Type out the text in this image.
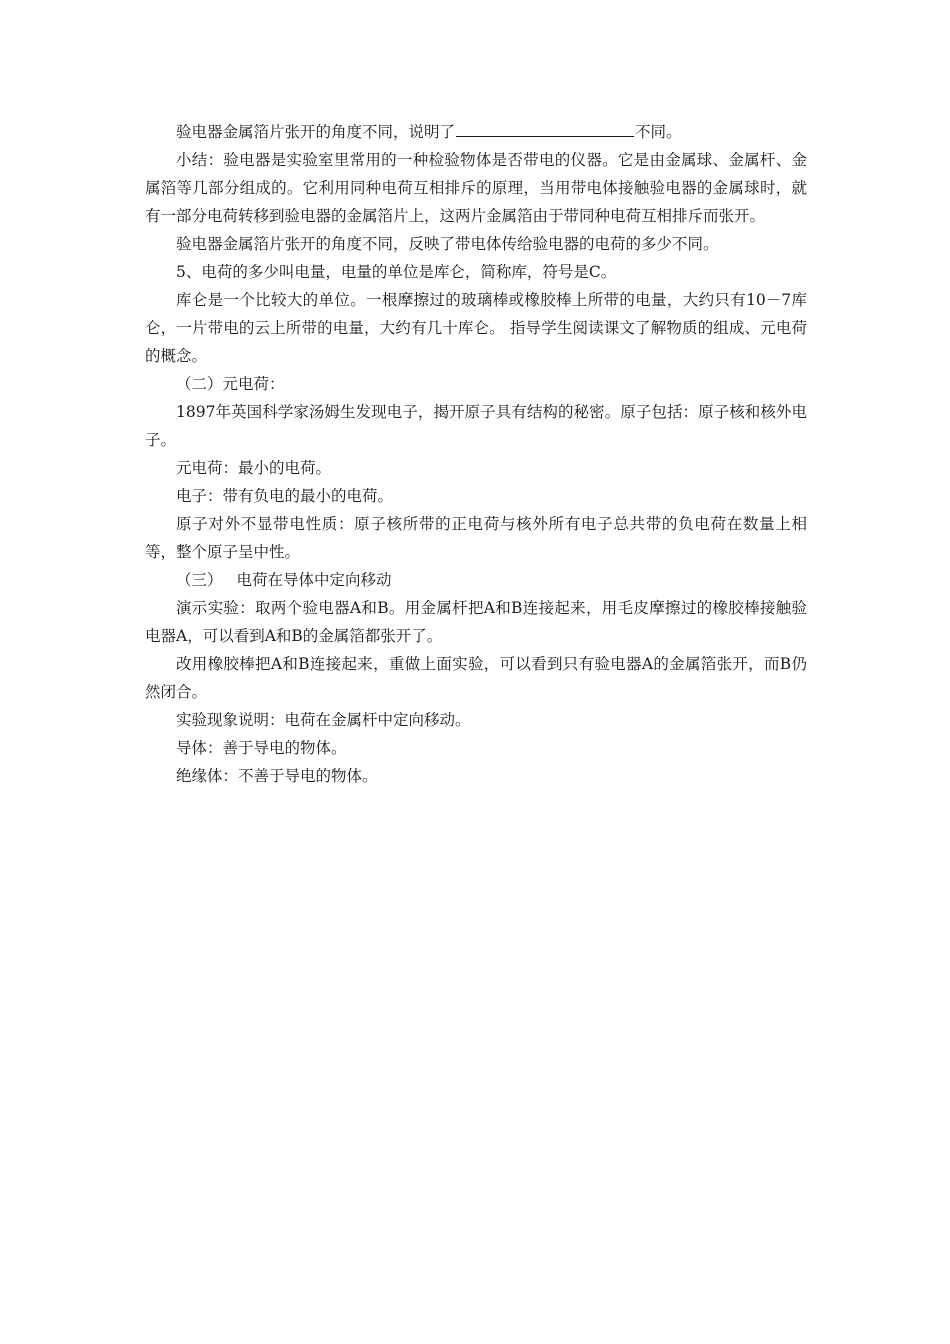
验电器金属箔片张开的角度不同，说明了	不同。

小结：验电器是实验室里常用的一种检验物体是否带电的仪器。它是由金属球、金属杆、金属箔等几部分组成的。它利用同种电荷互相排斥的原理，当用带电体接触验电器的金属球时，就有一部分电荷转移到验电器的金属箔片上，这两片金属箔由于带同种电荷互相排斥而张开。

验电器金属箔片张开的角度不同，反映了带电体传给验电器的电荷的多少不同。

5、电荷的多少叫电量，电量的单位是库仑，简称库，符号是C。

库仑是一个比较大的单位。一根摩擦过的玻璃棒或橡胶棒上所带的电量，大约只有10－7库仑，一片带电的云上所带的电量，大约有几十库仑。 指导学生阅读课文了解物质的组成、元电荷的概念。

（二）元电荷：

1897年英国科学家汤姆生发现电子，揭开原子具有结构的秘密。原子包括：原子核和核外电子。

元电荷：最小的电荷。

电子：带有负电的最小的电荷。

原子对外不显带电性质：原子核所带的正电荷与核外所有电子总共带的负电荷在数量上相等，整个原子呈中性。

（三） 电荷在导体中定向移动

演示实验：取两个验电器A和B。用金属杆把A和B连接起来，用毛皮摩擦过的橡胶棒接触验电器A，可以看到A和B的金属箔都张开了。

改用橡胶棒把A和B连接起来，重做上面实验，可以看到只有验电器A的金属箔张开，而B仍然闭合。

实验现象说明：电荷在金属杆中定向移动。

导体：善于导电的物体。

绝缘体：不善于导电的物体。
